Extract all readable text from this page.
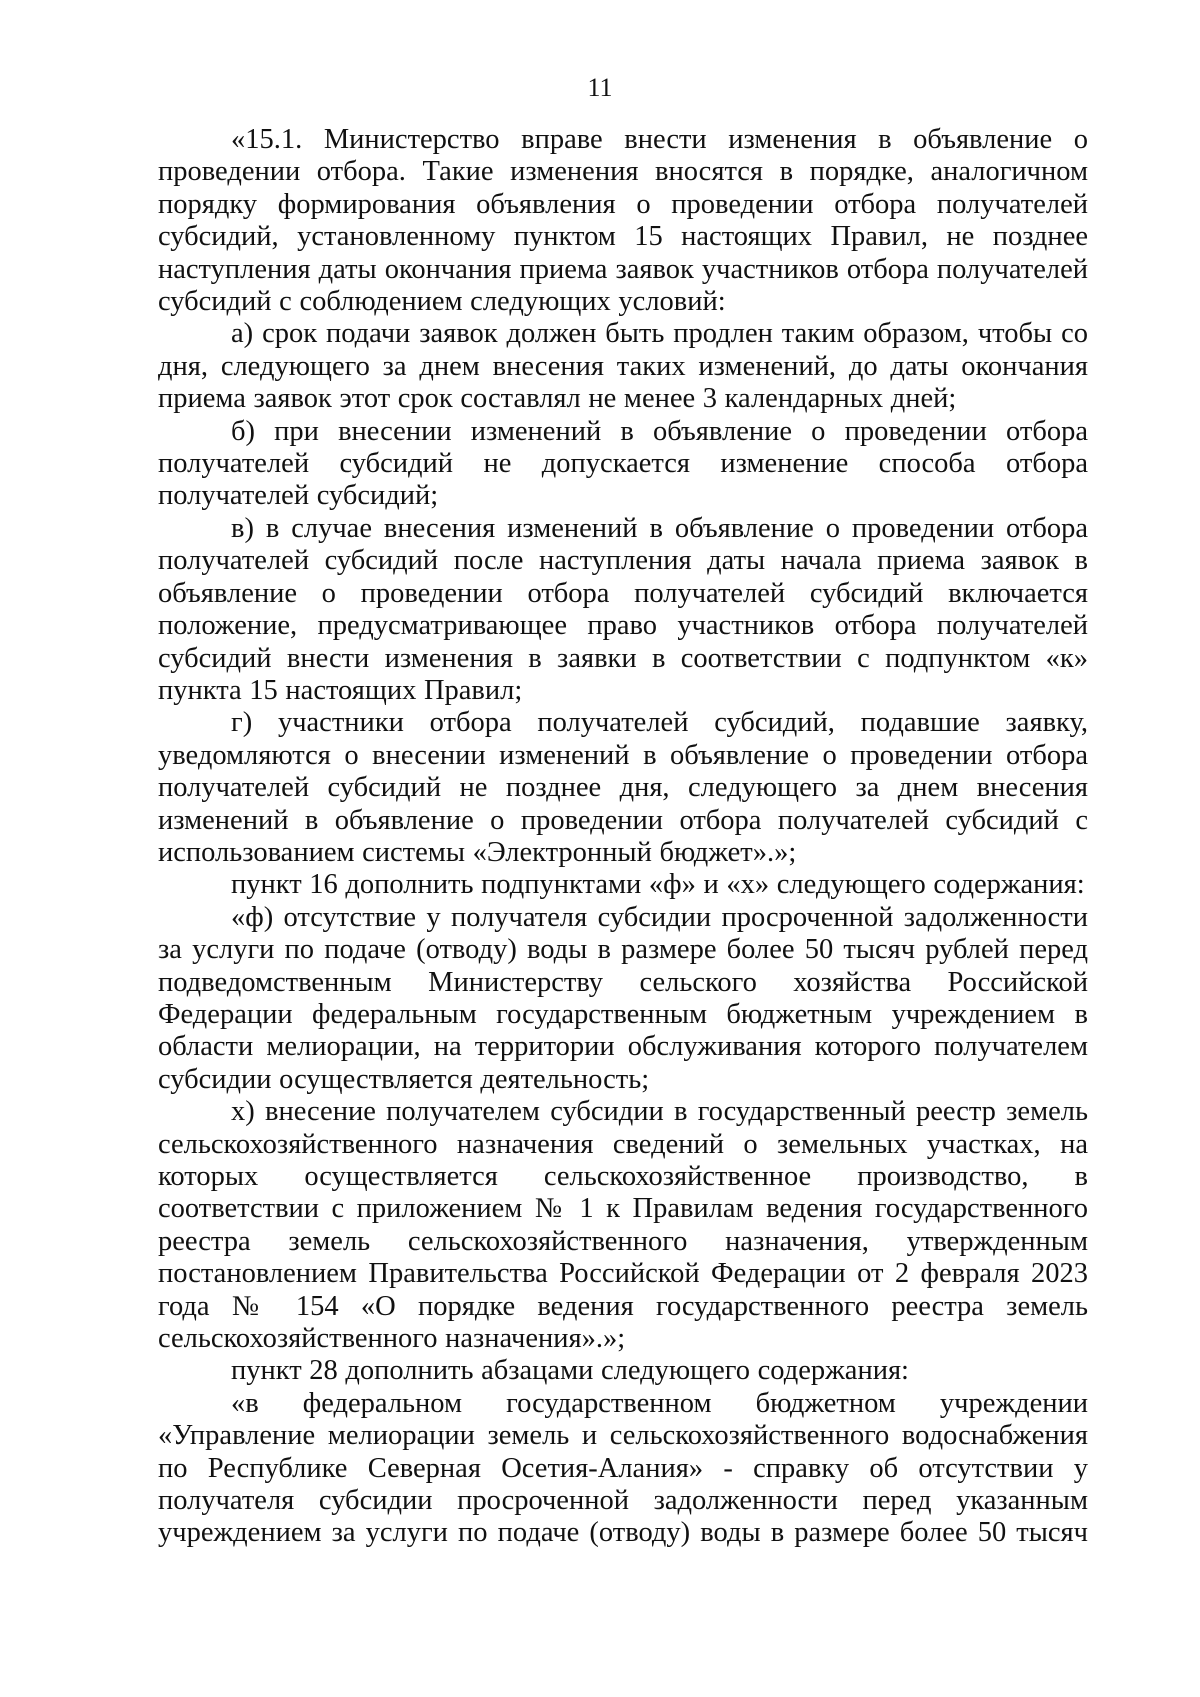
11

«15.1. Министерство вправе внести изменения в объявление о проведении отбора. Такие изменения вносятся в порядке, аналогичном порядку формирования объявления о проведении отбора получателей субсидий, установленному пунктом 15 настоящих Правил, не позднее наступления даты окончания приема заявок участников отбора получателей субсидий с соблюдением следующих условий:

а) срок подачи заявок должен быть продлен таким образом, чтобы со дня, следующего за днем внесения таких изменений, до даты окончания приема заявок этот срок составлял не менее 3 календарных дней;

б) при внесении изменений в объявление о проведении отбора получателей субсидий не допускается изменение способа отбора получателей субсидий;

в) в случае внесения изменений в объявление о проведении отбора получателей субсидий после наступления даты начала приема заявок в объявление о проведении отбора получателей субсидий включается положение, предусматривающее право участников отбора получателей субсидий внести изменения в заявки в соответствии с подпунктом «к» пункта 15 настоящих Правил;

г) участники отбора получателей субсидий, подавшие заявку, уведомляются о внесении изменений в объявление о проведении отбора получателей субсидий не позднее дня, следующего за днем внесения изменений в объявление о проведении отбора получателей субсидий с использованием системы «Электронный бюджет».»;

пункт 16 дополнить подпунктами «ф» и «х» следующего содержания:

«ф) отсутствие у получателя субсидии просроченной задолженности за услуги по подаче (отводу) воды в размере более 50 тысяч рублей перед подведомственным Министерству сельского хозяйства Российской Федерации федеральным государственным бюджетным учреждением в области мелиорации, на территории обслуживания которого получателем субсидии осуществляется деятельность;

х) внесение получателем субсидии в государственный реестр земель сельскохозяйственного назначения сведений о земельных участках, на которых осуществляется сельскохозяйственное производство, в соответствии с приложением № 1 к Правилам ведения государственного реестра земель сельскохозяйственного назначения, утвержденным постановлением Правительства Российской Федерации от 2 февраля 2023 года № 154 «О порядке ведения государственного реестра земель сельскохозяйственного назначения».»;

пункт 28 дополнить абзацами следующего содержания:

«в федеральном государственном бюджетном учреждении «Управление мелиорации земель и сельскохозяйственного водоснабжения по Республике Северная Осетия-Алания» - справку об отсутствии у получателя субсидии просроченной задолженности перед указанным учреждением за услуги по подаче (отводу) воды в размере более 50 тысяч
